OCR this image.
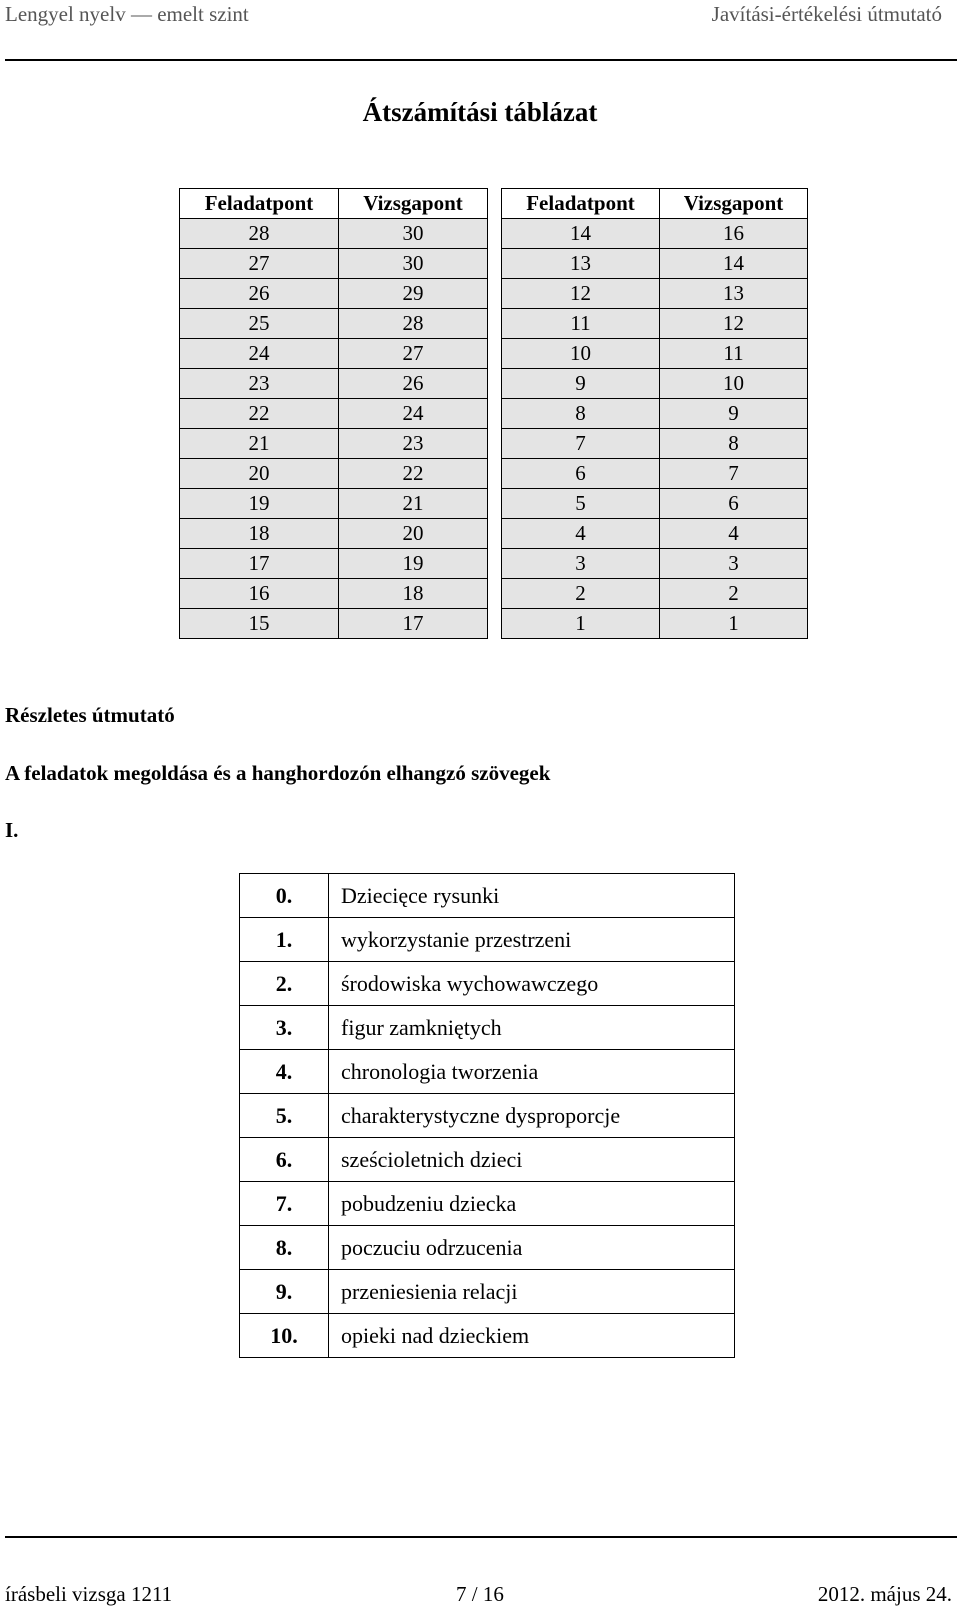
Lengyel nyelv — emelt szint	Javítási-értékelési útmutató
Átszámítási táblázat
Feladatpont	Vizsgapont
28	30
27	30
26	29
25	28
24	27
23	26
22	24
21	23
20	22
19	21
18	20
17	19
16	18
15	17
Feladatpont	Vizsgapont
14	16
13	14
12	13
11	12
10	11
9	10
8	9
7	8
6	7
5	6
4	4
3	3
2	2
1	1
Részletes útmutató
A feladatok megoldása és a hanghordozón elhangzó szövegek
I.
0.	Dziecięce rysunki
1.	wykorzystanie przestrzeni
2.	środowiska wychowawczego
3.	figur zamkniętych
4.	chronologia tworzenia
5.	charakterystyczne dysproporcje
6.	sześcioletnich dzieci
7.	pobudzeniu dziecka
8.	poczuciu odrzucenia
9.	przeniesienia relacji
10.	opieki nad dzieckiem
írásbeli vizsga 1211	7 / 16	2012. május 24.
